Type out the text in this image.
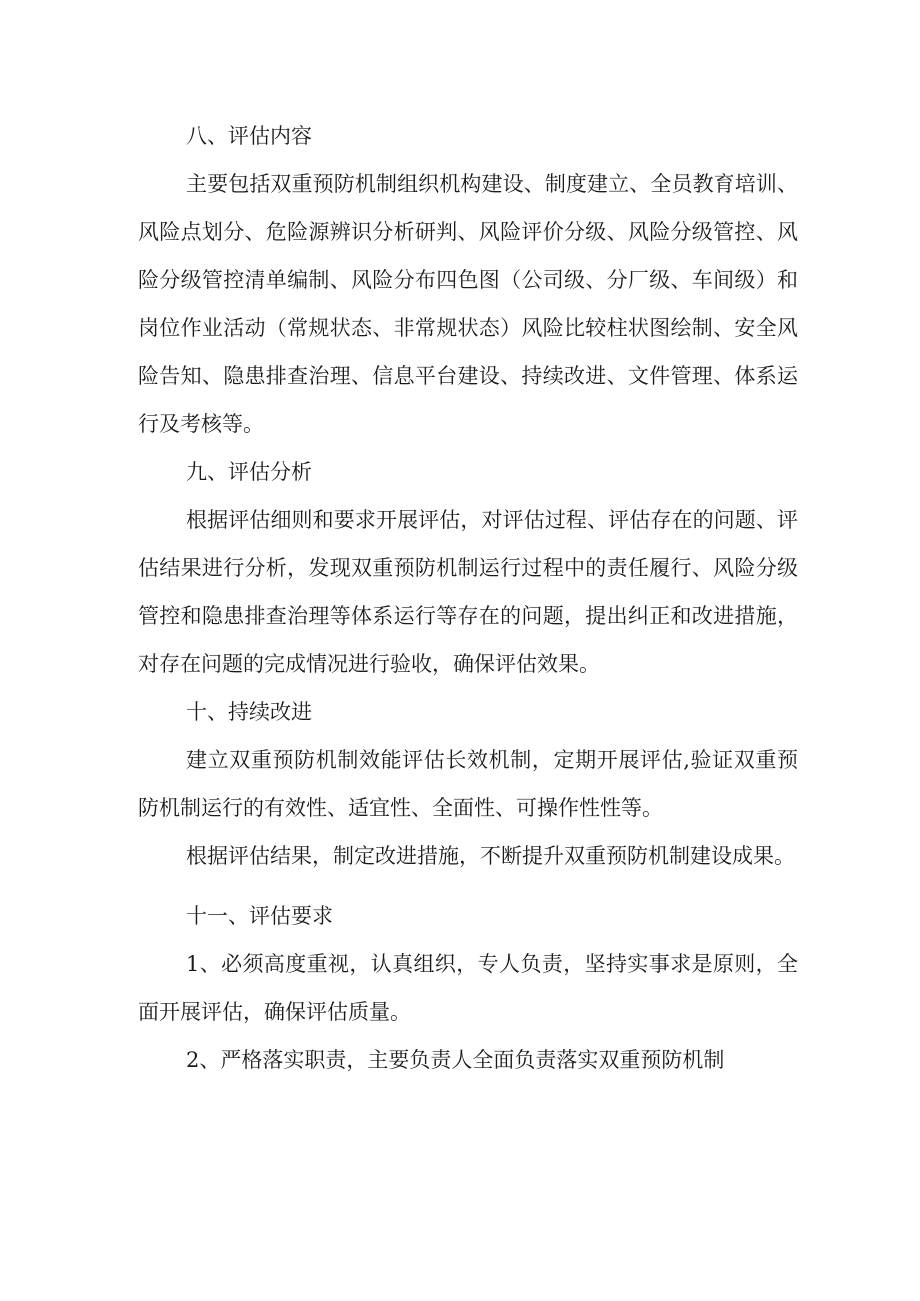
八、评估内容

主要包括双重预防机制组织机构建设、制度建立、全员教育培训、风险点划分、危险源辨识分析研判、风险评价分级、风险分级管控、风险分级管控清单编制、风险分布四色图（公司级、分厂级、车间级）和岗位作业活动（常规状态、非常规状态）风险比较柱状图绘制、安全风险告知、隐患排查治理、信息平台建设、持续改进、文件管理、体系运行及考核等。

九、评估分析

根据评估细则和要求开展评估，对评估过程、评估存在的问题、评估结果进行分析，发现双重预防机制运行过程中的责任履行、风险分级管控和隐患排查治理等体系运行等存在的问题，提出纠正和改进措施，对存在问题的完成情况进行验收，确保评估效果。

十、持续改进

建立双重预防机制效能评估长效机制，定期开展评估,验证双重预防机制运行的有效性、适宜性、全面性、可操作性性等。

根据评估结果，制定改进措施，不断提升双重预防机制建设成果。

十一、评估要求

1、必须高度重视，认真组织，专人负责，坚持实事求是原则，全面开展评估，确保评估质量。

2、严格落实职责，主要负责人全面负责落实双重预防机制
